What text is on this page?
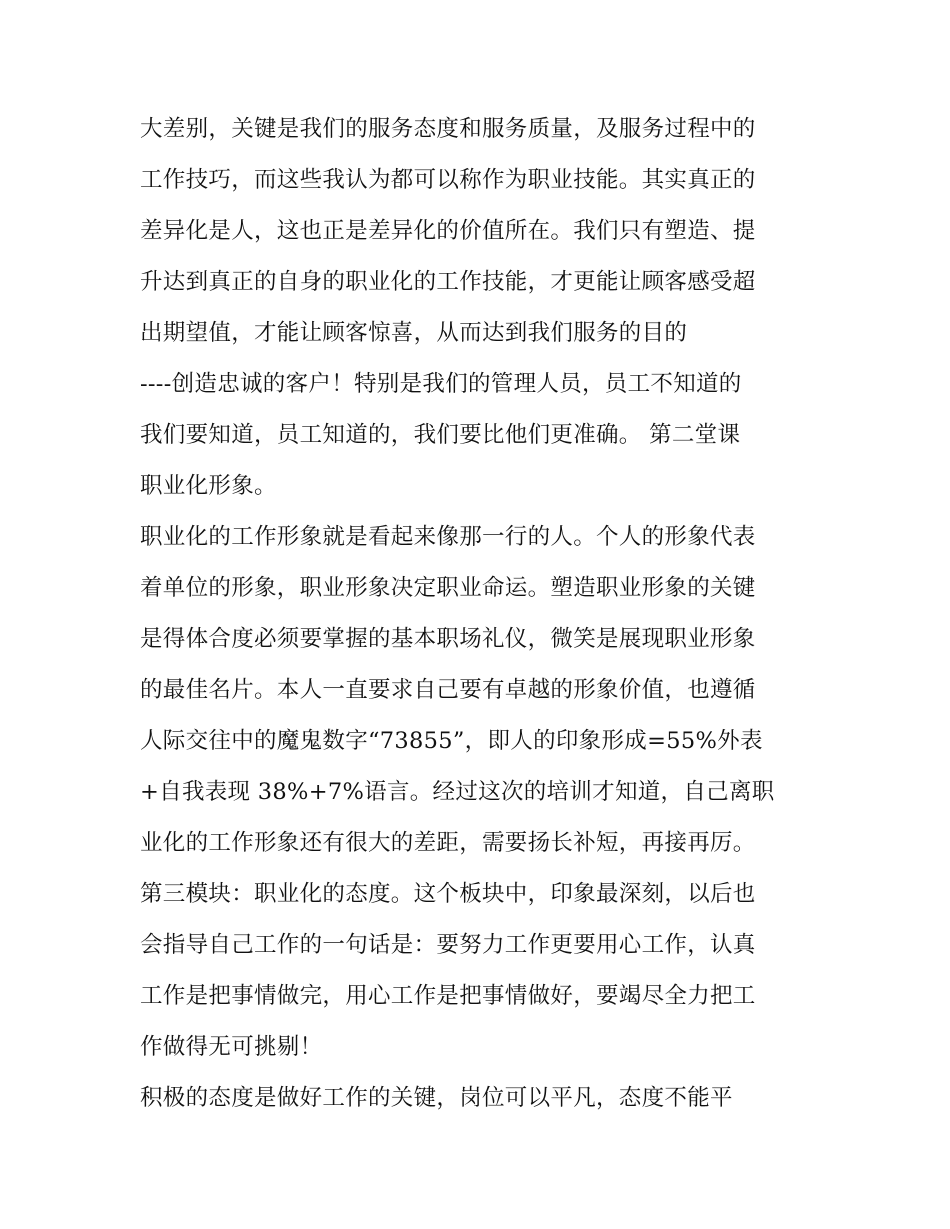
大差别，关键是我们的服务态度和服务质量，及服务过程中的
工作技巧，而这些我认为都可以称作为职业技能。其实真正的
差异化是人，这也正是差异化的价值所在。我们只有塑造、提
升达到真正的自身的职业化的工作技能，才更能让顾客感受超
出期望值，才能让顾客惊喜，从而达到我们服务的目的
----创造忠诚的客户！特别是我们的管理人员，员工不知道的
我们要知道，员工知道的，我们要比他们更准确。 第二堂课
职业化形象。
职业化的工作形象就是看起来像那一行的人。个人的形象代表
着单位的形象，职业形象决定职业命运。塑造职业形象的关键
是得体合度必须要掌握的基本职场礼仪，微笑是展现职业形象
的最佳名片。本人一直要求自己要有卓越的形象价值，也遵循
人际交往中的魔鬼数字“73855”，即人的印象形成=55%外表
+自我表现 38%+7%语言。经过这次的培训才知道，自己离职
业化的工作形象还有很大的差距，需要扬长补短，再接再厉。
第三模块：职业化的态度。这个板块中，印象最深刻，以后也
会指导自己工作的一句话是：要努力工作更要用心工作，认真
工作是把事情做完，用心工作是把事情做好，要竭尽全力把工
作做得无可挑剔！
积极的态度是做好工作的关键，岗位可以平凡，态度不能平
